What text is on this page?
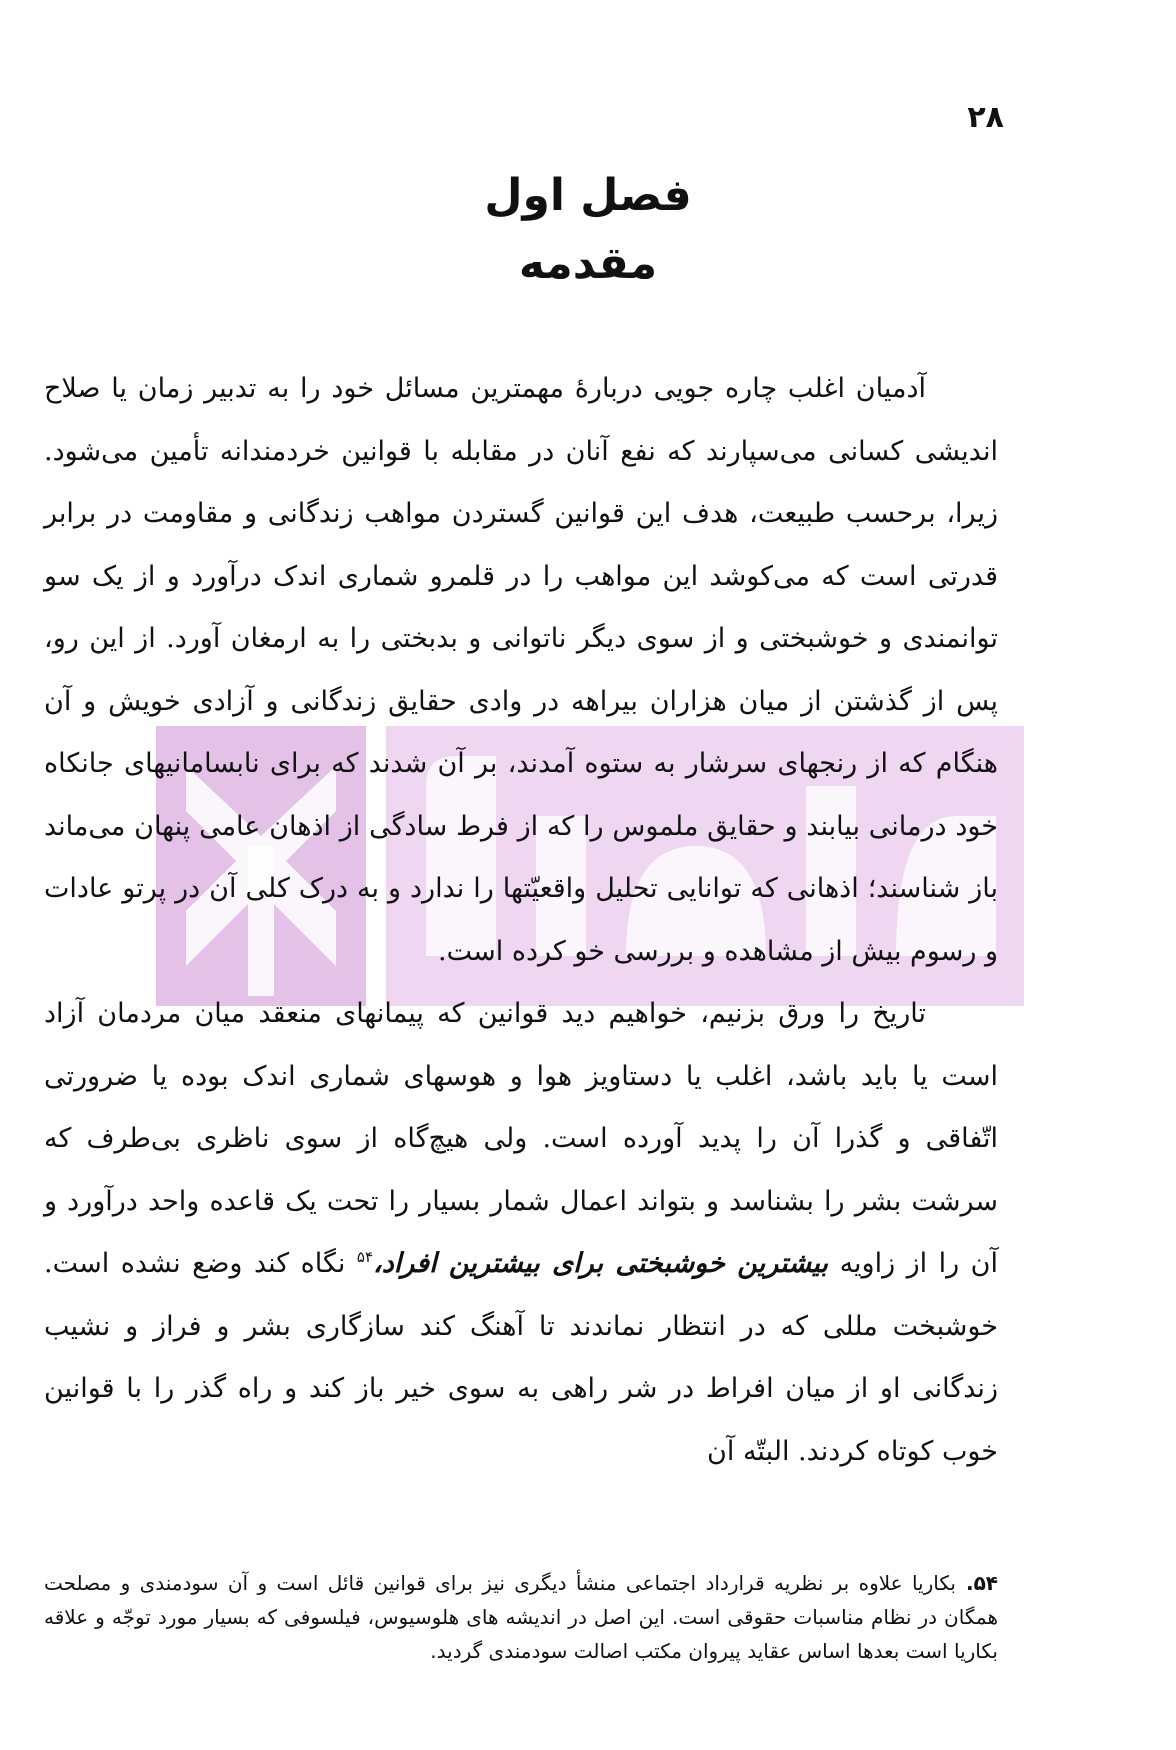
۲۸
فصل اول
مقدمه

آدمیان اغلب چاره جویی دربارهٔ مهمترین مسائل خود را به تدبیر زمان یا صلاح اندیشی کسانی می‌سپارند که نفع آنان در مقابله با قوانین خردمندانه تأمین می‌شود. زیرا، برحسب طبیعت، هدف این قوانین گستردن مواهب زندگانی و مقاومت در برابر قدرتی است که می‌کوشد این مواهب را در قلمرو شماری اندک درآورد و از یک سو توانمندی و خوشبختی و از سوی دیگر ناتوانی و بدبختی را به ارمغان آورد. از این رو، پس از گذشتن از میان هزاران بیراهه در وادی حقایق زندگانی و آزادی خویش و آن هنگام که از رنجهای سرشار به ستوه آمدند، بر آن شدند که برای نابسامانیهای جانکاه خود درمانی بیابند و حقایق ملموس را که از فرط سادگی از اذهان عامی پنهان می‌ماند باز شناسند؛ اذهانی که توانایی تحلیل واقعیّتها را ندارد و به درک کلی آن در پرتو عادات و رسوم بیش از مشاهده و بررسی خو کرده است.

تاریخ را ورق بزنیم، خواهیم دید قوانین که پیمانهای منعقد میان مردمان آزاد است یا باید باشد، اغلب یا دستاویز هوا و هوسهای شماری اندک بوده یا ضرورتی اتّفاقی و گذرا آن را پدید آورده است. ولی هیچ‌گاه از سوی ناظری بی‌طرف که سرشت بشر را بشناسد و بتواند اعمال شمار بسیار را تحت یک قاعده واحد درآورد و آن را از زاویه بیشترین خوشبختی برای بیشترین افراد،$^{۵۴}$ نگاه کند وضع نشده است. خوشبخت مللی که در انتظار نماندند تا آهنگ کند سازگاری بشر و فراز و نشیب زندگانی او از میان افراط در شر راهی به سوی خیر باز کند و راه گذر را با قوانین خوب کوتاه کردند. البتّه آن

۵۴.بکاریا علاوه بر نظریه قرارداد اجتماعی منشأ دیگری نیز برای قوانین قائل است و آن سودمندی و مصلحت همگان در نظام مناسبات حقوقی است. این اصل در اندیشه های هلوسیوس، فیلسوفی که بسیار مورد توجّه و علاقه بکاریا است بعدها اساس عقاید پیروان مکتب اصالت سودمندی گردید.
